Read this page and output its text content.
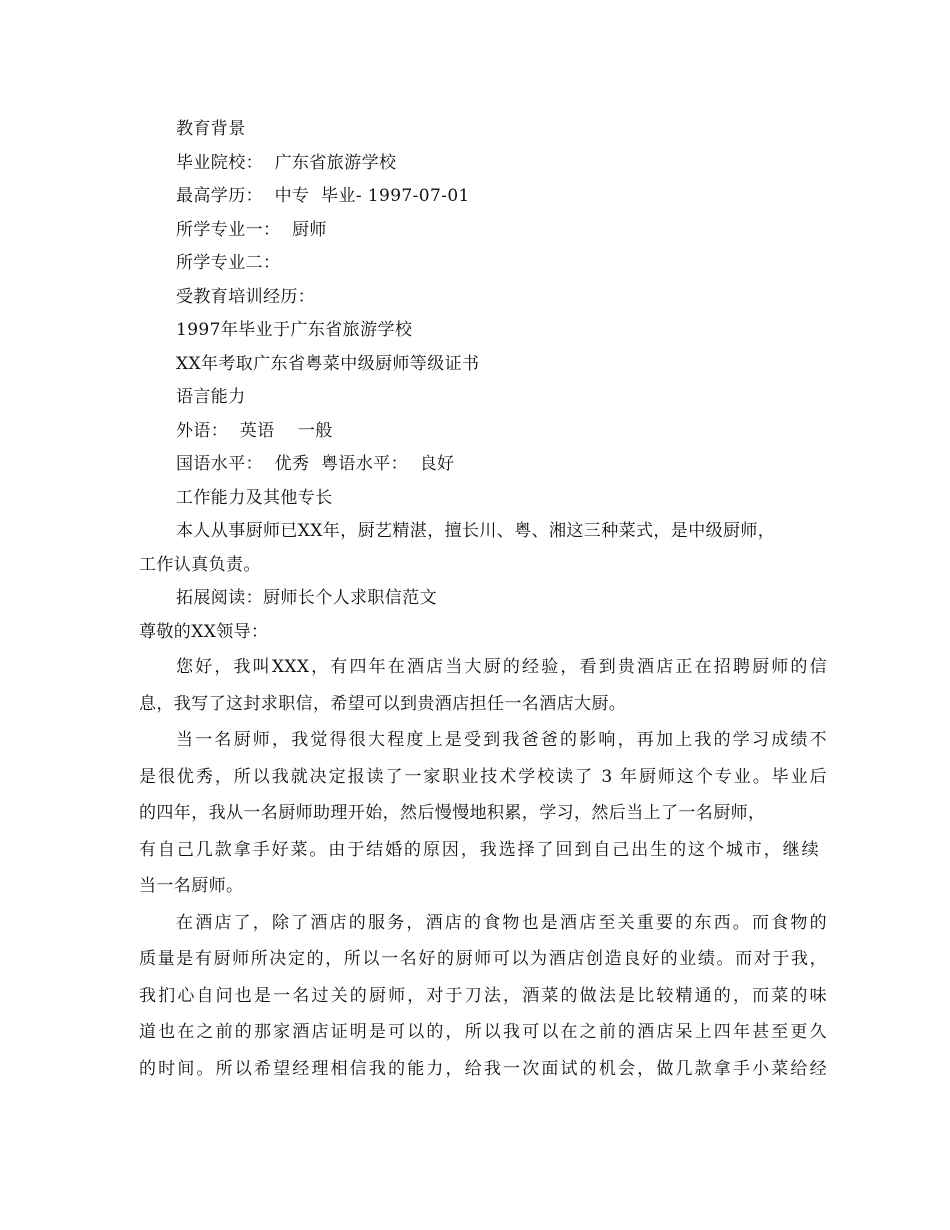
教育背景
毕业院校：  广东省旅游学校
最高学历：  中专  毕业- 1997-07-01
所学专业一：  厨师
所学专业二：
受教育培训经历：
1997年毕业于广东省旅游学校
XX年考取广东省粤菜中级厨师等级证书
语言能力
外语：  英语    一般
国语水平：  优秀  粤语水平：  良好
工作能力及其他专长
本人从事厨师已XX年，厨艺精湛，擅长川、粤、湘这三种菜式，是中级厨师，
工作认真负责。
拓展阅读：厨师长个人求职信范文
尊敬的XX领导：
您好，我叫XXX，有四年在酒店当大厨的经验，看到贵酒店正在招聘厨师的信
息，我写了这封求职信，希望可以到贵酒店担任一名酒店大厨。
当一名厨师，我觉得很大程度上是受到我爸爸的影响，再加上我的学习成绩不
是很优秀，所以我就决定报读了一家职业技术学校读了 3 年厨师这个专业。毕业后
的四年，我从一名厨师助理开始，然后慢慢地积累，学习，然后当上了一名厨师，
有自己几款拿手好菜。由于结婚的原因，我选择了回到自己出生的这个城市，继续
当一名厨师。
在酒店了，除了酒店的服务，酒店的食物也是酒店至关重要的东西。而食物的
质量是有厨师所决定的，所以一名好的厨师可以为酒店创造良好的业绩。而对于我，
我扪心自问也是一名过关的厨师，对于刀法，酒菜的做法是比较精通的，而菜的味
道也在之前的那家酒店证明是可以的，所以我可以在之前的酒店呆上四年甚至更久
的时间。所以希望经理相信我的能力，给我一次面试的机会，做几款拿手小菜给经
